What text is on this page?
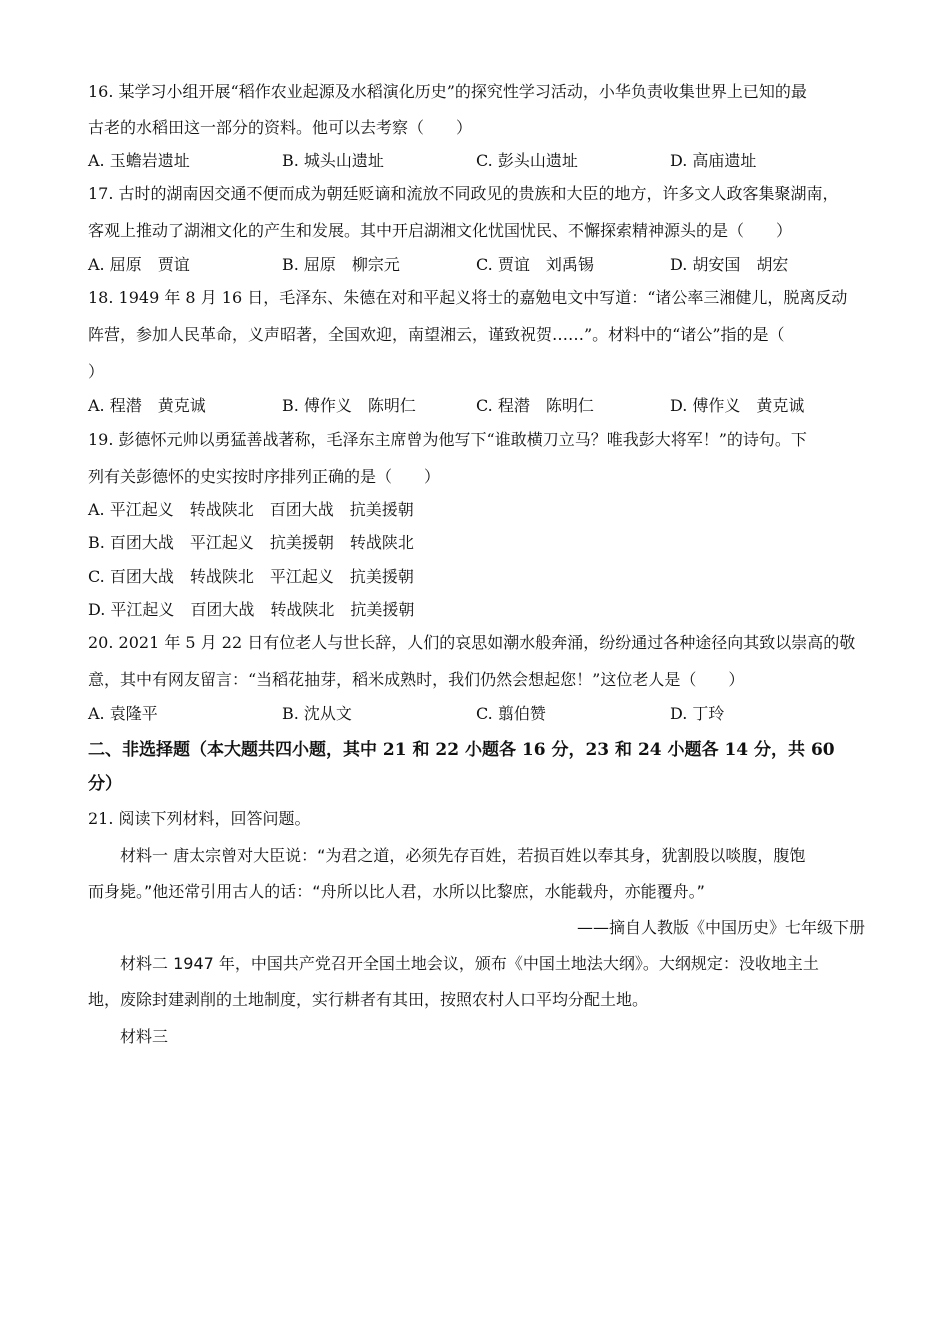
16. 某学习小组开展“稻作农业起源及水稻演化历史”的探究性学习活动，小华负责收集世界上已知的最
古老的水稻田这一部分的资料。他可以去考察（　　）
A. 玉蟾岩遗址	B. 城头山遗址	C. 彭头山遗址	D. 高庙遗址
17. 古时的湖南因交通不便而成为朝廷贬谪和流放不同政见的贵族和大臣的地方，许多文人政客集聚湖南，
客观上推动了湖湘文化的产生和发展。其中开启湖湘文化忧国忧民、不懈探索精神源头的是（　　）
A. 屈原　贾谊	B. 屈原　柳宗元	C. 贾谊　刘禹锡	D. 胡安国　胡宏
18. 1949 年 8 月 16 日，毛泽东、朱德在对和平起义将士的嘉勉电文中写道：“诸公率三湘健儿，脱离反动
阵营，参加人民革命，义声昭著，全国欢迎，南望湘云，谨致祝贺……”。材料中的“诸公”指的是（
）
A. 程潜　黄克诚	B. 傅作义　陈明仁	C. 程潜　陈明仁	D. 傅作义　黄克诚
19. 彭德怀元帅以勇猛善战著称，毛泽东主席曾为他写下“谁敢横刀立马？唯我彭大将军！”的诗句。下
列有关彭德怀的史实按时序排列正确的是（　　）
A. 平江起义　转战陕北　百团大战　抗美援朝
B. 百团大战　平江起义　抗美援朝　转战陕北
C. 百团大战　转战陕北　平江起义　抗美援朝
D. 平江起义　百团大战　转战陕北　抗美援朝
20. 2021 年 5 月 22 日有位老人与世长辞，人们的哀思如潮水般奔涌，纷纷通过各种途径向其致以崇高的敬
意，其中有网友留言：“当稻花抽芽，稻米成熟时，我们仍然会想起您！”这位老人是（　　）
A. 袁隆平	B. 沈从文	C. 翦伯赞	D. 丁玲
二、非选择题（本大题共四小题，其中 21 和 22 小题各 16 分，23 和 24 小题各 14 分，共 60
分）
21. 阅读下列材料，回答问题。
材料一 唐太宗曾对大臣说：“为君之道，必须先存百姓，若损百姓以奉其身，犹割股以啖腹，腹饱
而身毙。”他还常引用古人的话：“舟所以比人君，水所以比黎庶，水能载舟，亦能覆舟。”
——摘自人教版《中国历史》七年级下册
材料二 1947 年，中国共产党召开全国土地会议，颁布《中国土地法大纲》。大纲规定：没收地主土
地，废除封建剥削的土地制度，实行耕者有其田，按照农村人口平均分配土地。
材料三
